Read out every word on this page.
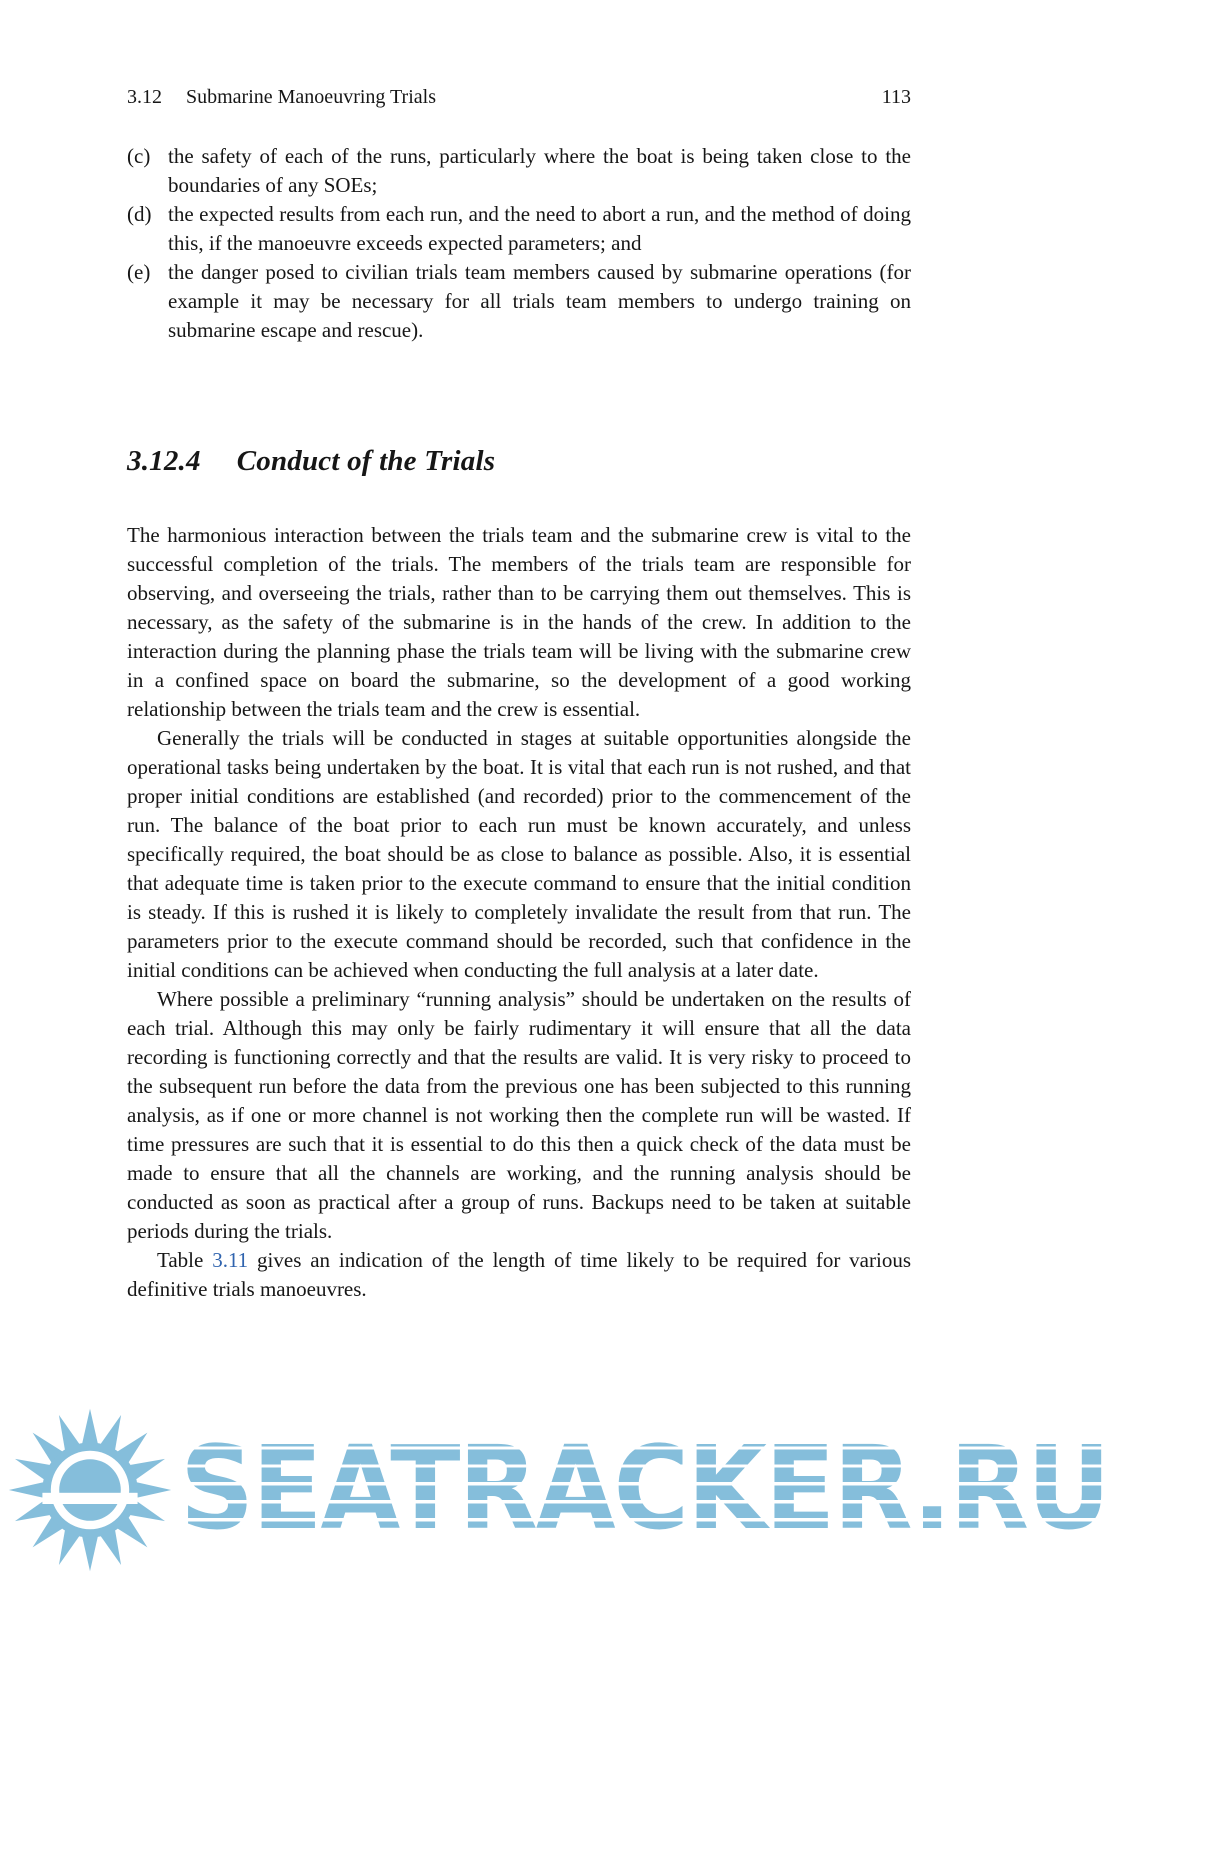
3.12 Submarine Manoeuvring Trials	113
(c) the safety of each of the runs, particularly where the boat is being taken close to the boundaries of any SOEs;
(d) the expected results from each run, and the need to abort a run, and the method of doing this, if the manoeuvre exceeds expected parameters; and
(e) the danger posed to civilian trials team members caused by submarine operations (for example it may be necessary for all trials team members to undergo training on submarine escape and rescue).
3.12.4 Conduct of the Trials

The harmonious interaction between the trials team and the submarine crew is vital to the successful completion of the trials. The members of the trials team are responsible for observing, and overseeing the trials, rather than to be carrying them out themselves. This is necessary, as the safety of the submarine is in the hands of the crew. In addition to the interaction during the planning phase the trials team will be living with the submarine crew in a confined space on board the submarine, so the development of a good working relationship between the trials team and the crew is essential.

Generally the trials will be conducted in stages at suitable opportunities alongside the operational tasks being undertaken by the boat. It is vital that each run is not rushed, and that proper initial conditions are established (and recorded) prior to the commencement of the run. The balance of the boat prior to each run must be known accurately, and unless specifically required, the boat should be as close to balance as possible. Also, it is essential that adequate time is taken prior to the execute command to ensure that the initial condition is steady. If this is rushed it is likely to completely invalidate the result from that run. The parameters prior to the execute command should be recorded, such that confidence in the initial conditions can be achieved when conducting the full analysis at a later date.

Where possible a preliminary “running analysis” should be undertaken on the results of each trial. Although this may only be fairly rudimentary it will ensure that all the data recording is functioning correctly and that the results are valid. It is very risky to proceed to the subsequent run before the data from the previous one has been subjected to this running analysis, as if one or more channel is not working then the complete run will be wasted. If time pressures are such that it is essential to do this then a quick check of the data must be made to ensure that all the channels are working, and the running analysis should be conducted as soon as practical after a group of runs. Backups need to be taken at suitable periods during the trials.

Table 3.11 gives an indication of the length of time likely to be required for various definitive trials manoeuvres.

SEATRACKER.RU
